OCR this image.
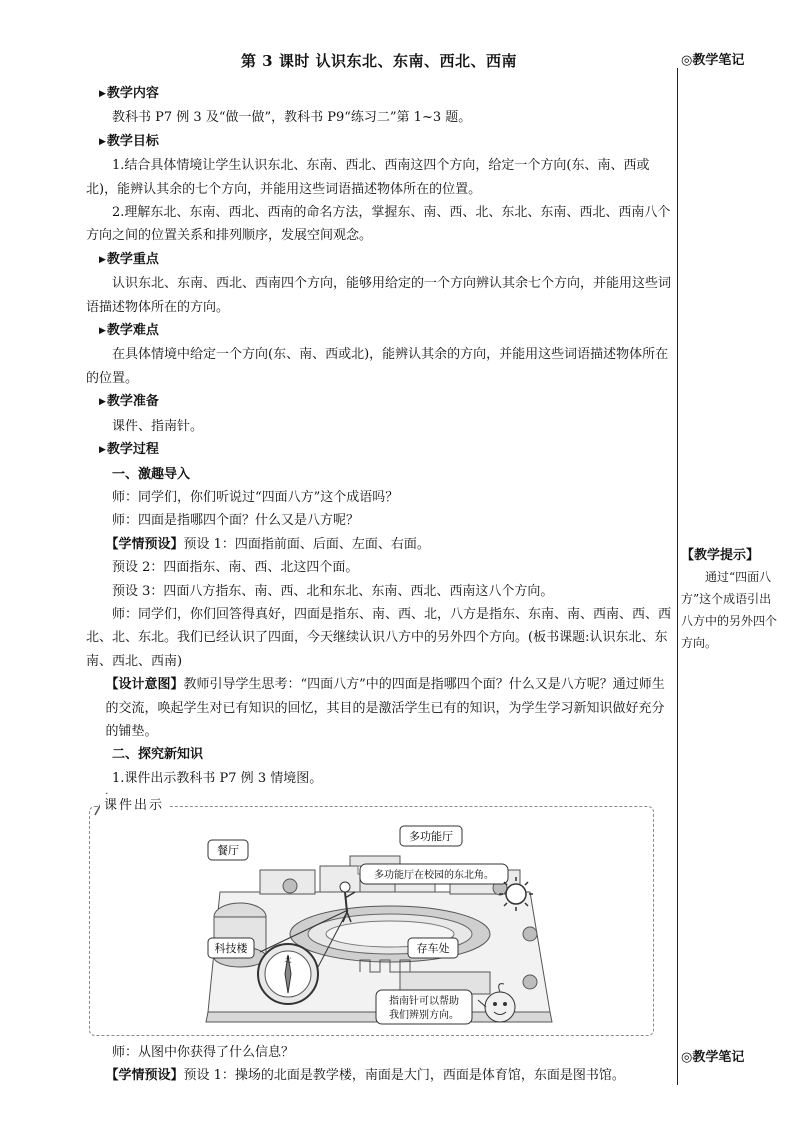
第 3 课时 认识东北、东南、西北、西南

▶教学内容

教科书 P7 例 3 及“做一做”，教科书 P9“练习二”第 1~3 题。

▶教学目标

1.结合具体情境让学生认识东北、东南、西北、西南这四个方向，给定一个方向(东、南、西或北)，能辨认其余的七个方向，并能用这些词语描述物体所在的位置。

2.理解东北、东南、西北、西南的命名方法，掌握东、南、西、北、东北、东南、西北、西南八个方向之间的位置关系和排列顺序，发展空间观念。

▶教学重点

认识东北、东南、西北、西南四个方向，能够用给定的一个方向辨认其余七个方向，并能用这些词语描述物体所在的方向。

▶教学难点

在具体情境中给定一个方向(东、南、西或北)，能辨认其余的方向，并能用这些词语描述物体所在的位置。

▶教学准备

课件、指南针。

▶教学过程

一、激趣导入

师：同学们，你们听说过“四面八方”这个成语吗？

师：四面是指哪四个面？什么又是八方呢？

【学情预设】预设 1：四面指前面、后面、左面、右面。

预设 2：四面指东、南、西、北这四个面。

预设 3：四面八方指东、南、西、北和东北、东南、西北、西南这八个方向。

师：同学们，你们回答得真好，四面是指东、南、西、北，八方是指东、东南、南、西南、西、西北、北、东北。我们已经认识了四面，今天继续认识八方中的另外四个方向。(板书课题:认识东北、东南、西北、西南)

【设计意图】教师引导学生思考：“四面八方”中的四面是指哪四个面？什么又是八方呢？通过师生的交流，唤起学生对已有知识的回忆，其目的是激活学生已有的知识，为学生学习新知识做好充分的铺垫。

二、探究新知识

1.课件出示教科书 P7 例 3 情境图。

课件出示
北
餐厅
多功能厅
多功能厅在校园的东北角。
科技楼	存车处
指南针可以帮助
我们辨别方向。

师：从图中你获得了什么信息？

【学情预设】预设 1：操场的北面是教学楼，南面是大门，西面是体育馆，东面是图书馆。

◎教学笔记
【教学提示】
通过“四面八方”这个成语引出八方中的另外四个方向。
◎教学笔记
